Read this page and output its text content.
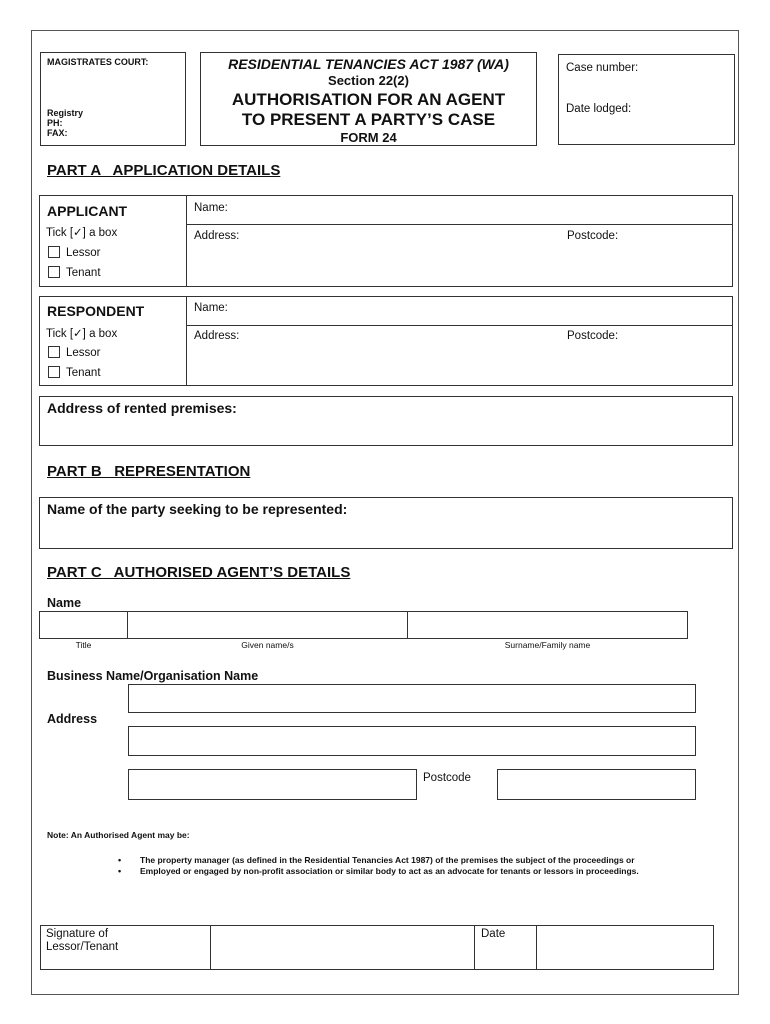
MAGISTRATES COURT:
Registry
PH:
FAX:
RESIDENTIAL TENANCIES ACT 1987 (WA)
Section 22(2)
AUTHORISATION FOR AN AGENT
TO PRESENT A PARTY’S CASE
FORM 24
Case number:
Date lodged:
PART A   APPLICATION DETAILS
APPLICANT
Tick [✓] a box
Lessor
Tenant
Name:
Address:	Postcode:
RESPONDENT
Tick [✓] a box
Lessor
Tenant
Name:
Address:	Postcode:
Address of rented premises:
PART B   REPRESENTATION
Name of the party seeking to be represented:
PART C   AUTHORISED AGENT’S DETAILS
Name
Title	Given name/s	Surname/Family name
Business Name/Organisation Name
Address
Postcode
Note: An Authorised Agent may be:
• The property manager (as defined in the Residential Tenancies Act 1987) of the premises the subject of the proceedings or
• Employed or engaged by non-profit association or similar body to act as an advocate for tenants or lessors in proceedings.
Signature of Lessor/Tenant
Date
